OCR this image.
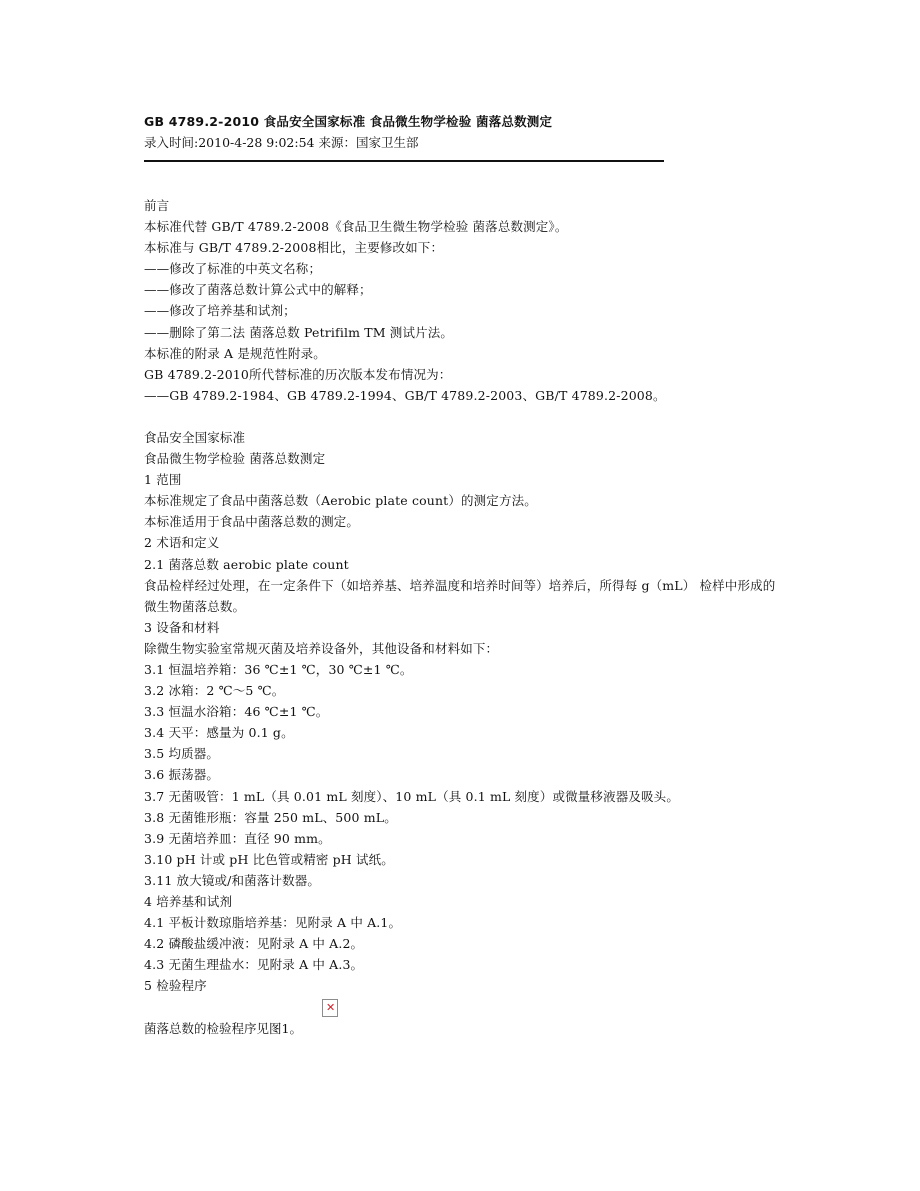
GB 4789.2-2010 食品安全国家标准 食品微生物学检验 菌落总数测定
录入时间:2010-4-28 9:02:54 来源：国家卫生部
前言
本标准代替 GB/T 4789.2-2008《食品卫生微生物学检验 菌落总数测定》。
本标准与 GB/T 4789.2-2008相比，主要修改如下：
——修改了标准的中英文名称；
——修改了菌落总数计算公式中的解释；
——修改了培养基和试剂；
——删除了第二法 菌落总数 Petrifilm TM 测试片法。
本标准的附录 A 是规范性附录。
GB 4789.2-2010所代替标准的历次版本发布情况为：
——GB 4789.2-1984、GB 4789.2-1994、GB/T 4789.2-2003、GB/T 4789.2-2008。
食品安全国家标准
食品微生物学检验 菌落总数测定
1 范围
本标准规定了食品中菌落总数（Aerobic plate count）的测定方法。
本标准适用于食品中菌落总数的测定。
2 术语和定义
2.1 菌落总数 aerobic plate count
食品检样经过处理，在一定条件下（如培养基、培养温度和培养时间等）培养后，所得每 g（mL） 检样中形成的微生物菌落总数。
3 设备和材料
除微生物实验室常规灭菌及培养设备外，其他设备和材料如下：
3.1 恒温培养箱：36 ℃±1 ℃，30 ℃±1 ℃。
3.2 冰箱：2 ℃～5 ℃。
3.3 恒温水浴箱：46 ℃±1 ℃。
3.4 天平：感量为 0.1 g。
3.5 均质器。
3.6 振荡器。
3.7 无菌吸管：1 mL（具 0.01 mL 刻度）、10 mL（具 0.1 mL 刻度）或微量移液器及吸头。
3.8 无菌锥形瓶：容量 250 mL、500 mL。
3.9 无菌培养皿：直径 90 mm。
3.10 pH 计或 pH 比色管或精密 pH 试纸。
3.11 放大镜或/和菌落计数器。
4 培养基和试剂
4.1 平板计数琼脂培养基：见附录 A 中 A.1。
4.2 磷酸盐缓冲液：见附录 A 中 A.2。
4.3 无菌生理盐水：见附录 A 中 A.3。
5 检验程序
菌落总数的检验程序见图1。
✕
